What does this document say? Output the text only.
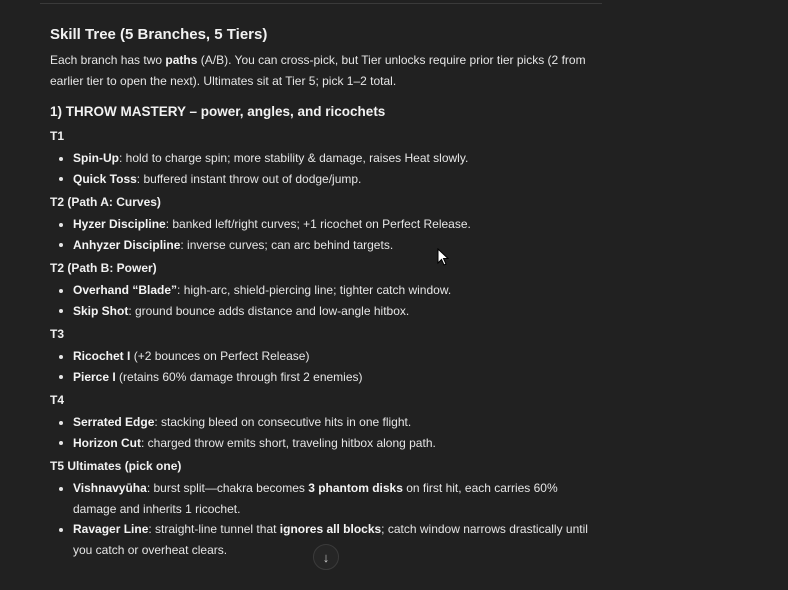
Skill Tree (5 Branches, 5 Tiers)

Each branch has two paths (A/B). You can cross-pick, but Tier unlocks require prior tier picks (2 from earlier tier to open the next). Ultimates sit at Tier 5; pick 1–2 total.

1) THROW MASTERY – power, angles, and ricochets
T1
Spin-Up: hold to charge spin; more stability & damage, raises Heat slowly.
Quick Toss: buffered instant throw out of dodge/jump.
T2 (Path A: Curves)
Hyzer Discipline: banked left/right curves; +1 ricochet on Perfect Release.
Anhyzer Discipline: inverse curves; can arc behind targets.
T2 (Path B: Power)
Overhand “Blade”: high-arc, shield-piercing line; tighter catch window.
Skip Shot: ground bounce adds distance and low-angle hitbox.
T3
Ricochet I (+2 bounces on Perfect Release)
Pierce I (retains 60% damage through first 2 enemies)
T4
Serrated Edge: stacking bleed on consecutive hits in one flight.
Horizon Cut: charged throw emits short, traveling hitbox along path.
T5 Ultimates (pick one)
Vishnavyūha: burst split—chakra becomes 3 phantom disks on first hit, each carries 60% damage and inherits 1 ricochet.
Ravager Line: straight-line tunnel that ignores all blocks; catch window narrows drastically until you catch or overheat clears.	↓
